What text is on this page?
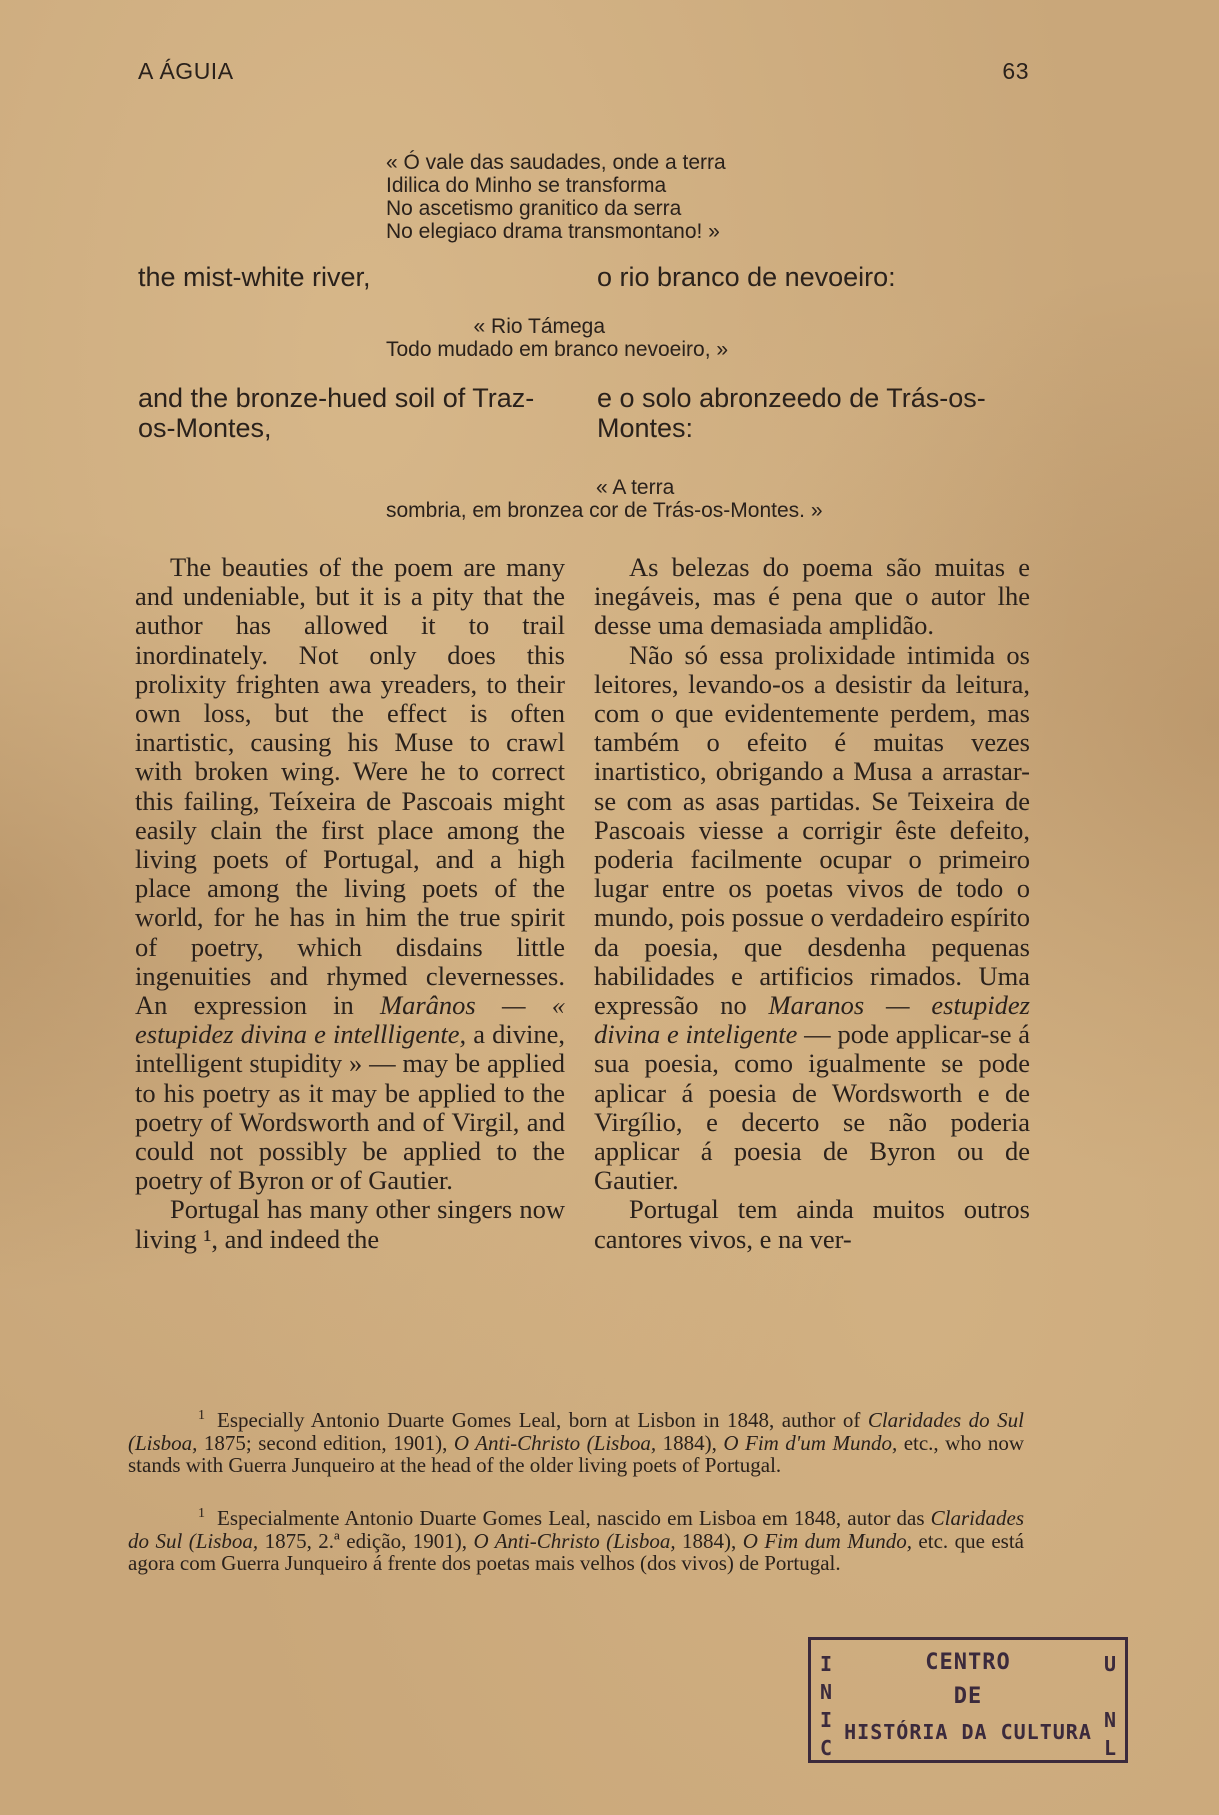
A ÁGUIA	63
« Ó vale das saudades, onde a terra
Idilica do Minho se transforma
No ascetismo granitico da serra
No elegiaco drama transmontano! »
the mist-white river,	o rio branco de nevoeiro:
« Rio Támega
Todo mudado em branco nevoeiro, »
and the bronze-hued soil of Traz-os-Montes,
e o solo abronzeedo de Trás-os-Montes:
« A terra
sombria, em bronzea cor de Trás-os-Montes. »

The beauties of the poem are many and undeniable, but it is a pity that the author has allowed it to trail inordinately. Not only does this prolixity frighten awa yreaders, to their own loss, but the effect is often inartistic, causing his Muse to crawl with broken wing. Were he to correct this failing, Teíxeira de Pascoais might easily clain the first place among the living poets of Portugal, and a high place among the living poets of the world, for he has in him the true spirit of poetry, which disdains little ingenuities and rhymed clevernesses. An expression in Marânos — « estupidez divina e intellligente, a divine, intelligent stupidity » — may be applied to his poetry as it may be applied to the poetry of Wordsworth and of Virgil, and could not possibly be applied to the poetry of Byron or of Gautier.

Portugal has many other singers now living ¹, and indeed the

As belezas do poema são muitas e inegáveis, mas é pena que o autor lhe desse uma demasiada amplidão.

Não só essa prolixidade intimida os leitores, levando-os a desistir da leitura, com o que evidentemente perdem, mas também o efeito é muitas vezes inartistico, obrigando a Musa a arrastar-se com as asas partidas. Se Teixeira de Pascoais viesse a corrigir êste defeito, poderia facilmente ocupar o primeiro lugar entre os poetas vivos de todo o mundo, pois possue o verdadeiro espírito da poesia, que desdenha pequenas habilidades e artificios rimados. Uma expressão no Maranos — estupidez divina e inteligente — pode applicar-se á sua poesia, como igualmente se pode aplicar á poesia de Wordsworth e de Virgílio, e decerto se não poderia applicar á poesia de Byron ou de Gautier.

Portugal tem ainda muitos outros cantores vivos, e na ver-

$^1$ Especially Antonio Duarte Gomes Leal, born at Lisbon in 1848, author of Claridades do Sul (Lisboa, 1875; second edition, 1901), O Anti-Christo (Lisboa, 1884), O Fim d'um Mundo, etc., who now stands with Guerra Junqueiro at the head of the older living poets of Portugal.
$^1$ Especialmente Antonio Duarte Gomes Leal, nascido em Lisboa em 1848, autor das Claridades do Sul (Lisboa, 1875, 2.ª edição, 1901), O Anti-Christo (Lisboa, 1884), O Fim dum Mundo, etc. que está agora com Guerra Junqueiro á frente dos poetas mais velhos (dos vivos) de Portugal.
I
N
I
C
CENTRO
DE
HISTÓRIA DA CULTURA
U

N
L
